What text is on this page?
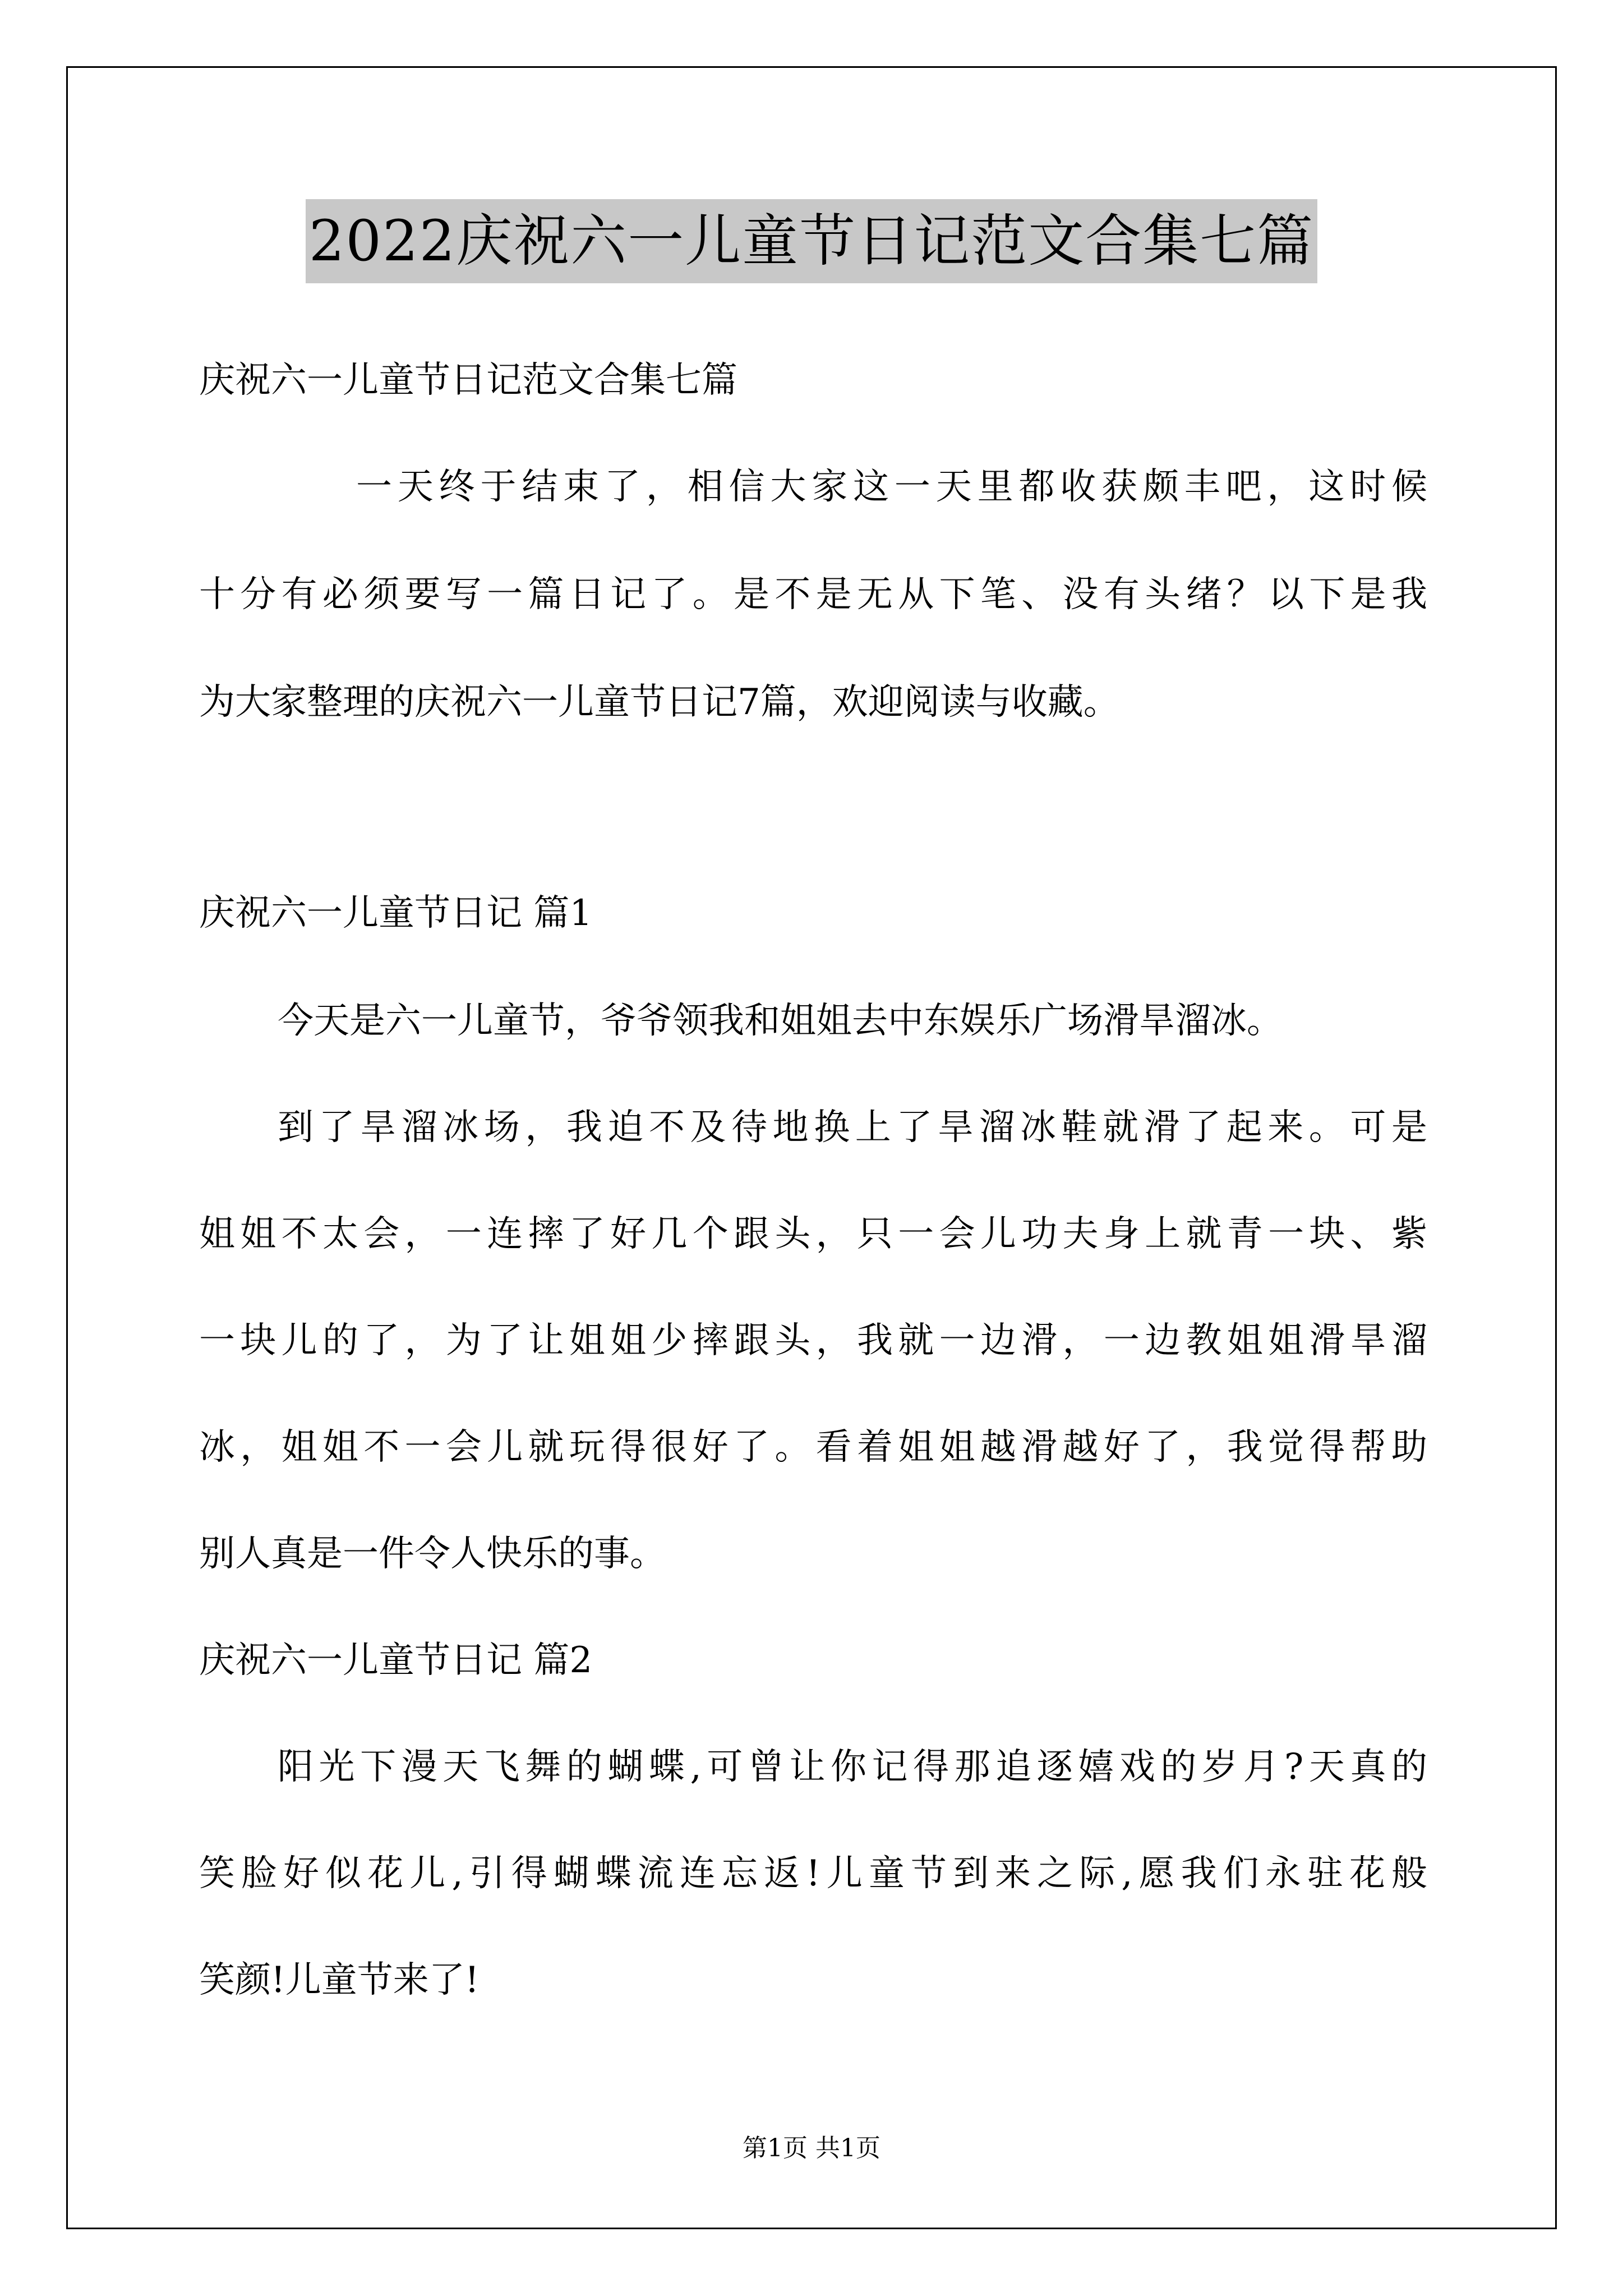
2022庆祝六一儿童节日记范文合集七篇
庆祝六一儿童节日记范文合集七篇
一天终于结束了，相信大家这一天里都收获颇丰吧，这时候
十分有必须要写一篇日记了。是不是无从下笔、没有头绪？以下是我
为大家整理的庆祝六一儿童节日记7篇，欢迎阅读与收藏。
庆祝六一儿童节日记 篇1
今天是六一儿童节，爷爷领我和姐姐去中东娱乐广场滑旱溜冰。
到了旱溜冰场，我迫不及待地换上了旱溜冰鞋就滑了起来。可是
姐姐不太会，一连摔了好几个跟头，只一会儿功夫身上就青一块、紫
一块儿的了，为了让姐姐少摔跟头，我就一边滑，一边教姐姐滑旱溜
冰，姐姐不一会儿就玩得很好了。看着姐姐越滑越好了，我觉得帮助
别人真是一件令人快乐的事。
庆祝六一儿童节日记 篇2
阳光下漫天飞舞的蝴蝶,可曾让你记得那追逐嬉戏的岁月?天真的
笑脸好似花儿,引得蝴蝶流连忘返!儿童节到来之际,愿我们永驻花般
笑颜!儿童节来了!
第1页 共1页
